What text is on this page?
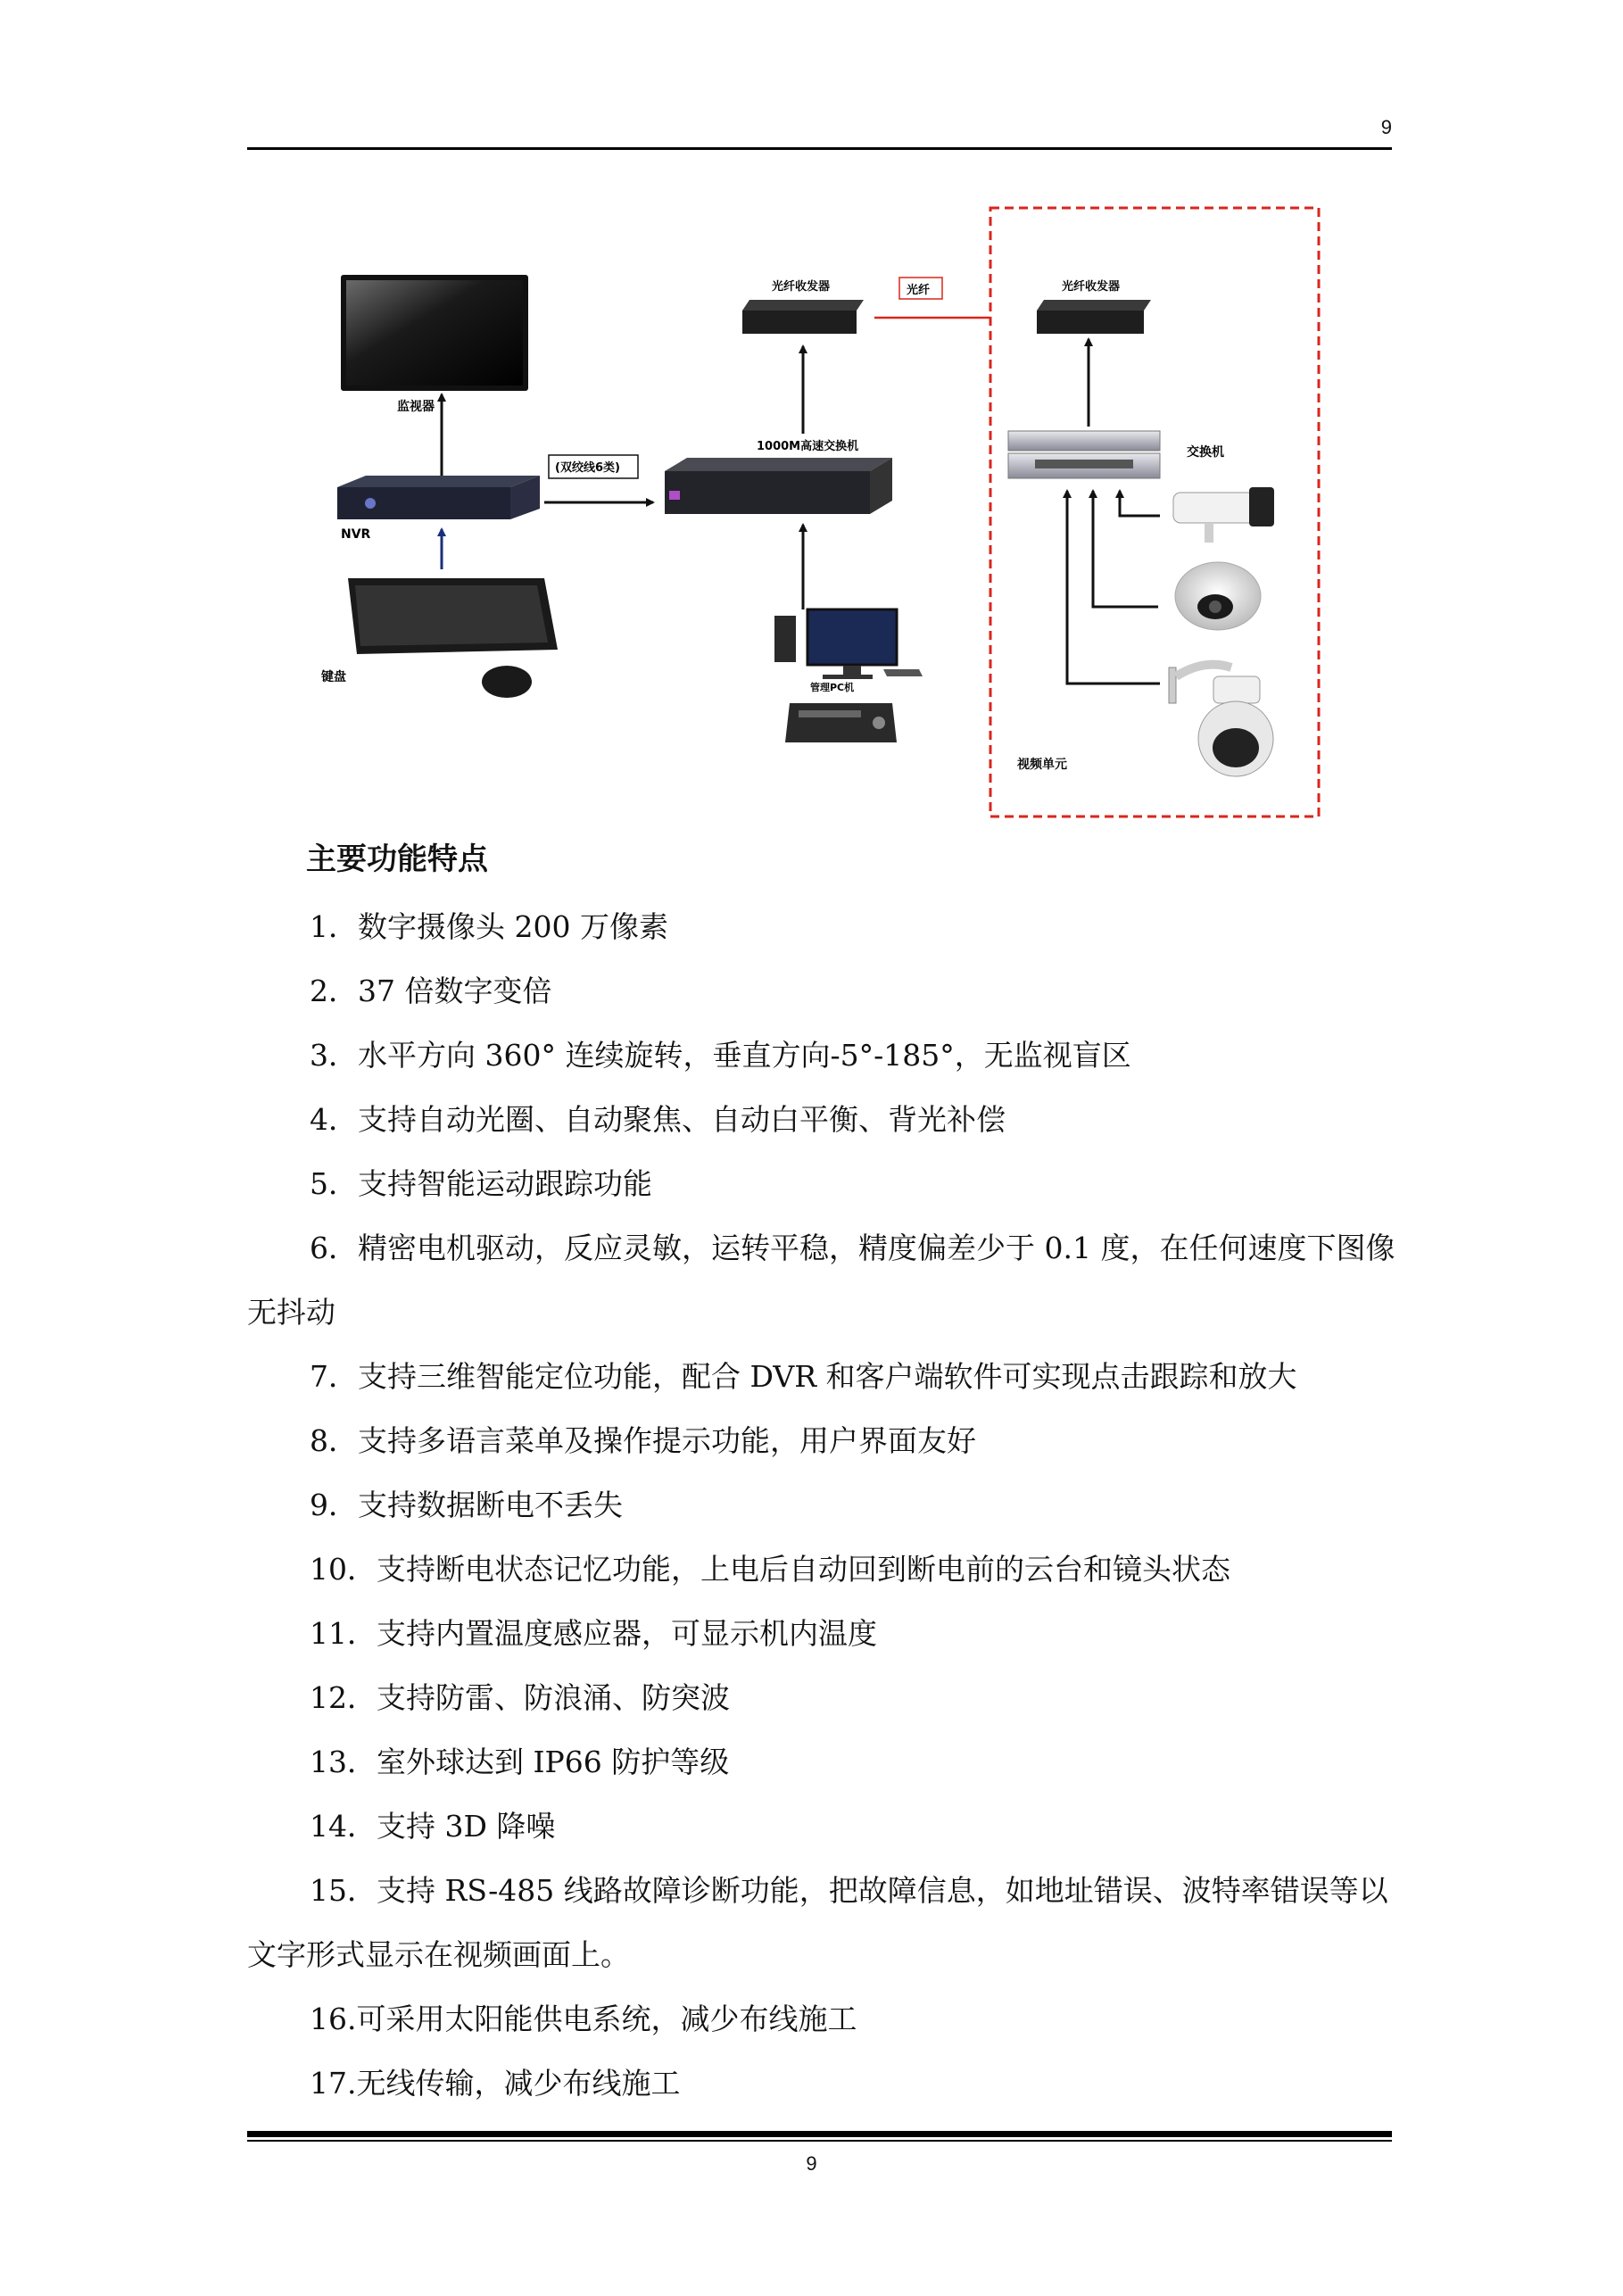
9
监视器
NVR
键盘
(双绞线6类)
1000M高速交换机
光纤收发器	光纤
管理PC机
视频单元
光纤收发器
交换机
主要功能特点

1．数字摄像头 200 万像素

2．37 倍数字变倍

3．水平方向 360° 连续旋转，垂直方向-5°-185°，无监视盲区

4．支持自动光圈、自动聚焦、自动白平衡、背光补偿

5．支持智能运动跟踪功能

6．精密电机驱动，反应灵敏，运转平稳，精度偏差少于 0.1 度，在任何速度下图像无抖动

7．支持三维智能定位功能，配合 DVR 和客户端软件可实现点击跟踪和放大

8．支持多语言菜单及操作提示功能，用户界面友好

9．支持数据断电不丢失

10．支持断电状态记忆功能，上电后自动回到断电前的云台和镜头状态

11．支持内置温度感应器，可显示机内温度

12．支持防雷、防浪涌、防突波

13．室外球达到 IP66 防护等级

14．支持 3D 降噪

15．支持 RS-485 线路故障诊断功能，把故障信息，如地址错误、波特率错误等以文字形式显示在视频画面上。

16.可采用太阳能供电系统，减少布线施工

17.无线传输，减少布线施工

9
